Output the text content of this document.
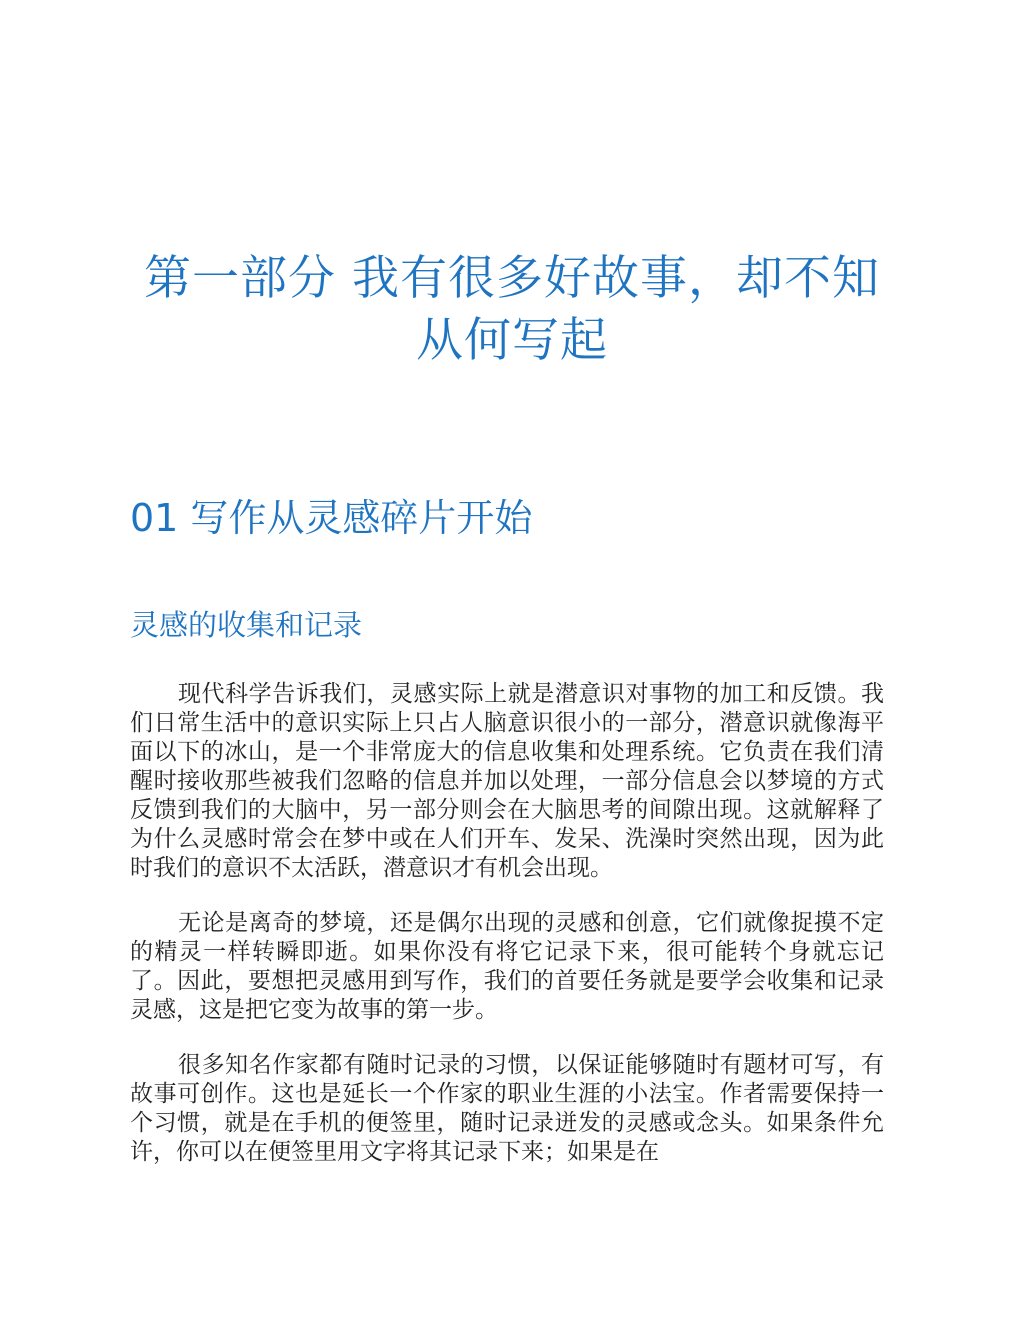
第一部分 我有很多好故事，却不知从何写起
01 写作从灵感碎片开始
灵感的收集和记录

现代科学告诉我们，灵感实际上就是潜意识对事物的加工和反馈。我们日常生活中的意识实际上只占人脑意识很小的一部分，潜意识就像海平面以下的冰山，是一个非常庞大的信息收集和处理系统。它负责在我们清醒时接收那些被我们忽略的信息并加以处理，一部分信息会以梦境的方式反馈到我们的大脑中，另一部分则会在大脑思考的间隙出现。这就解释了为什么灵感时常会在梦中或在人们开车、发呆、洗澡时突然出现，因为此时我们的意识不太活跃，潜意识才有机会出现。

无论是离奇的梦境，还是偶尔出现的灵感和创意，它们就像捉摸不定的精灵一样转瞬即逝。如果你没有将它记录下来，很可能转个身就忘记了。因此，要想把灵感用到写作，我们的首要任务就是要学会收集和记录灵感，这是把它变为故事的第一步。

很多知名作家都有随时记录的习惯，以保证能够随时有题材可写，有故事可创作。这也是延长一个作家的职业生涯的小法宝。作者需要保持一个习惯，就是在手机的便签里，随时记录迸发的灵感或念头。如果条件允许，你可以在便签里用文字将其记录下来；如果是在
